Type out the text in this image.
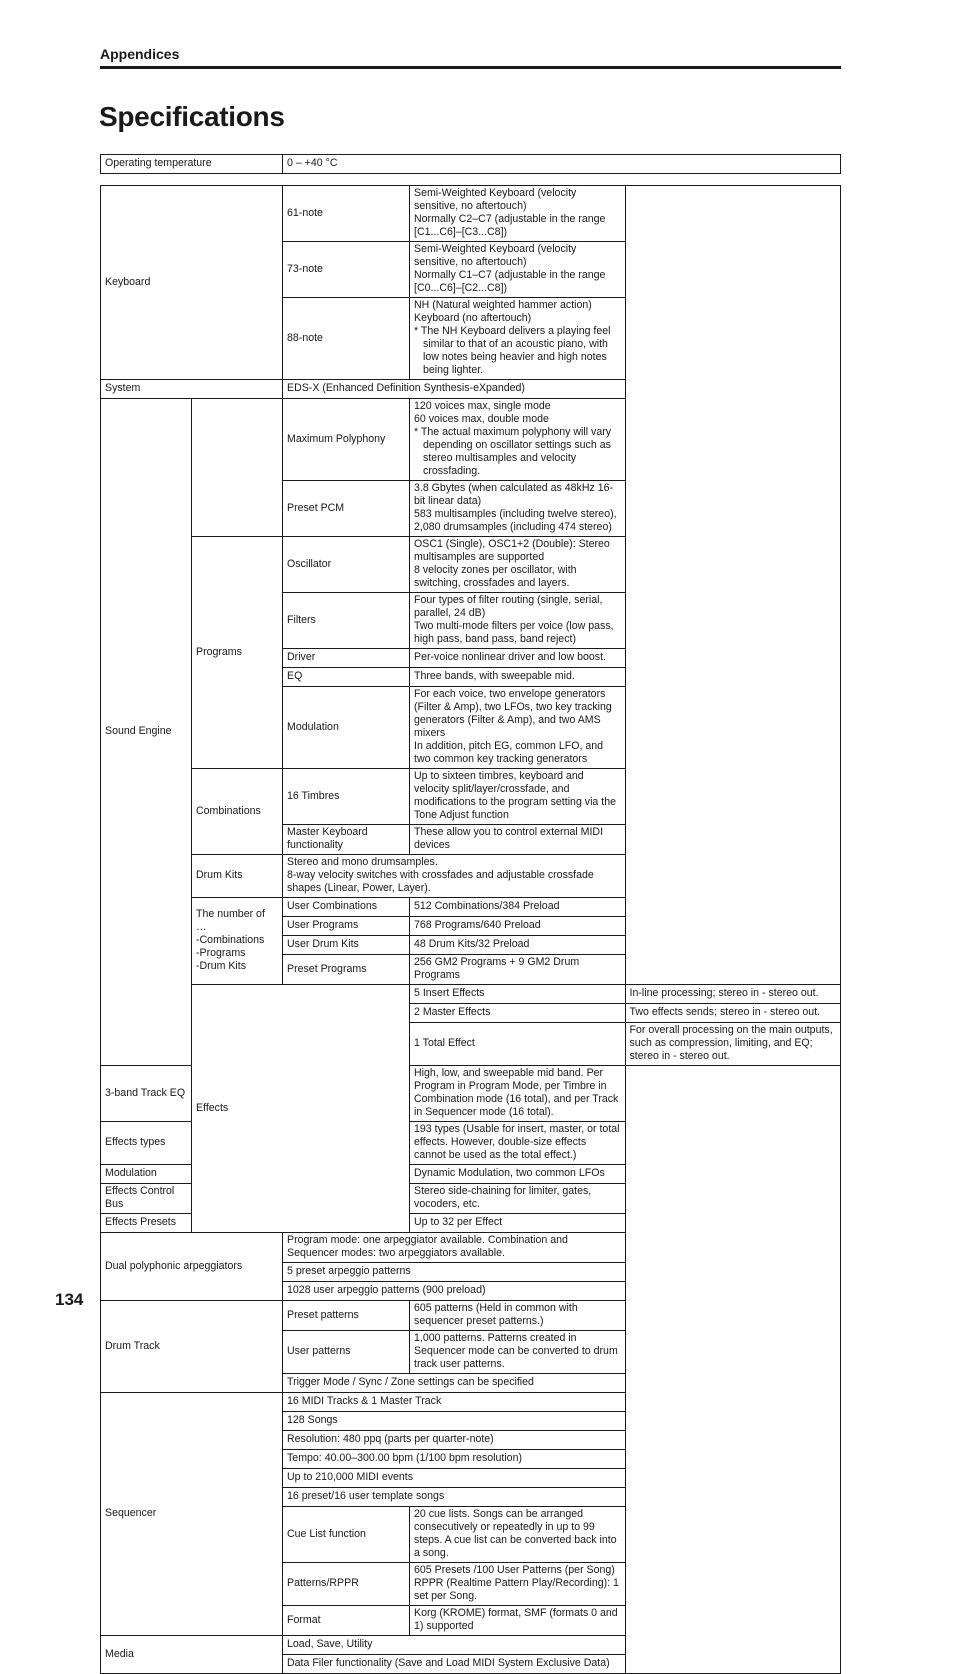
Appendices
Specifications
Operating temperature	0 – +40 °C
Keyboard		61-note	Semi-Weighted Keyboard (velocity sensitive, no aftertouch)
Normally C2–C7 (adjustable in the range [C1...C6]–[C3...C8])	

		73-note	Semi-Weighted Keyboard (velocity sensitive, no aftertouch)
Normally C1–C7 (adjustable in the range [C0...C6]–[C2...C8])	

		88-note	NH (Natural weighted hammer action) Keyboard (no aftertouch)
* The NH Keyboard delivers a playing feel similar to that of an acoustic piano, with low notes being heavier and high notes being lighter.	

System		EDS-X (Enhanced Definition Synthesis-eXpanded)		
Sound Engine		Maximum Polyphony	120 voices max, single mode
60 voices max, double mode
* The actual maximum polyphony will vary depending on oscillator settings such as stereo multisamples and velocity crossfading.	

		Preset PCM	3.8 Gbytes (when calculated as 48kHz 16-bit linear data)
583 multisamples (including twelve stereo),
2,080 drumsamples (including 474 stereo)	

	Programs	Oscillator	OSC1 (Single), OSC1+2 (Double): Stereo multisamples are supported
8 velocity zones per oscillator, with switching, crossfades and layers.	

		Filters	Four types of filter routing (single, serial, parallel, 24 dB)
Two multi-mode filters per voice (low pass, high pass, band pass, band reject)	

		Driver	Per-voice nonlinear driver and low boost.	
		EQ	Three bands, with sweepable mid.	
		Modulation	For each voice, two envelope generators (Filter & Amp), two LFOs, two key tracking generators (Filter & Amp), and two AMS mixers
In addition, pitch EG, common LFO, and two common key tracking generators	

	Combinations	16 Timbres	Up to sixteen timbres, keyboard and velocity split/layer/crossfade, and modifications to the program setting via the Tone Adjust function	
		Master Keyboard functionality	These allow you to control external MIDI devices	
	Drum Kits	Stereo and mono drumsamples.
8-way velocity switches with crossfades and adjustable crossfade shapes (Linear, Power, Layer).		

	The number of …
-Combinations
-Programs
-Drum Kits	User Combinations	512 Combinations/384 Preload	
		User Programs	768 Programs/640 Preload	
		User Drum Kits	48 Drum Kits/32 Preload	
		Preset Programs	256 GM2 Programs + 9 GM2 Drum Programs	
	Effects		5 Insert Effects	In-line processing; stereo in - stereo out.
			2 Master Effects	Two effects sends; stereo in - stereo out.
			1 Total Effect	For overall processing on the main outputs, such as compression, limiting, and EQ; stereo in - stereo out.
3-band Track EQ			High, low, and sweepable mid band. Per Program in Program Mode, per Timbre in Combination mode (16 total), and per Track in Sequencer mode (16 total).	
Effects types			193 types (Usable for insert, master, or total effects. However, double-size effects cannot be used as the total effect.)	
Modulation			Dynamic Modulation, two common LFOs	
Effects Control Bus			Stereo side-chaining for limiter, gates, vocoders, etc.	
Effects Presets			Up to 32 per Effect	
Dual polyphonic arpeggiators		Program mode: one arpeggiator available. Combination and Sequencer modes: two arpeggiators available.		
		5 preset arpeggio patterns		
		1028 user arpeggio patterns (900 preload)		
Drum Track		Preset patterns	605 patterns (Held in common with sequencer preset patterns.)	
		User patterns	1,000 patterns. Patterns created in Sequencer mode can be converted to drum track user patterns.	
		Trigger Mode / Sync / Zone settings can be specified		
Sequencer		16 MIDI Tracks & 1 Master Track		
		128 Songs		
		Resolution: 480 ppq (parts per quarter-note)		
		Tempo: 40.00–300.00 bpm (1/100 bpm resolution)		
		Up to 210,000 MIDI events		
		16 preset/16 user template songs		
		Cue List function	20 cue lists. Songs can be arranged consecutively or repeatedly in up to 99 steps. A cue list can be converted back into a song.	
		Patterns/RPPR	605 Presets /100 User Patterns (per Song)
RPPR (Realtime Pattern Play/Recording): 1 set per Song.	

		Format	Korg (KROME) format, SMF (formats 0 and 1) supported	
Media		Load, Save, Utility		
		Data Filer functionality (Save and Load MIDI System Exclusive Data)		
134
